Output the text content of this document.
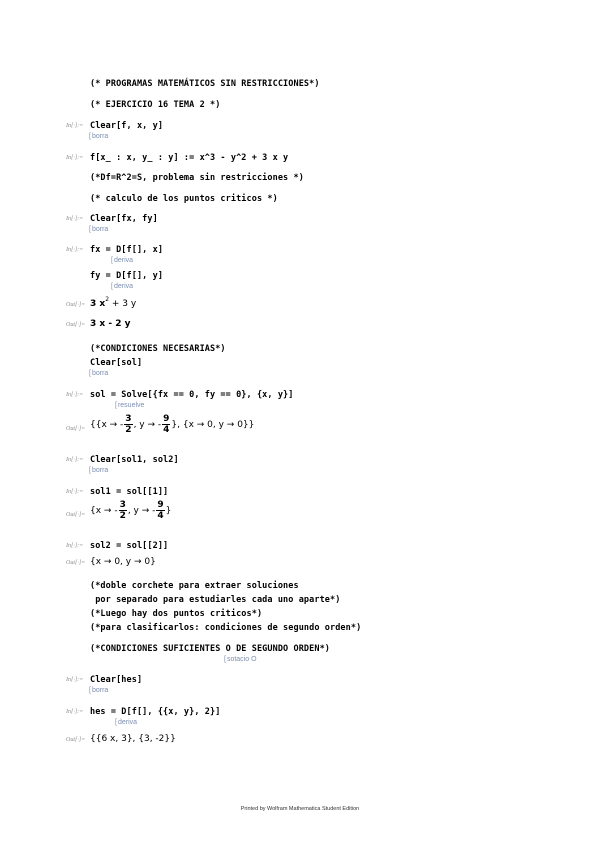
(* PROGRAMAS MATEMÁTICOS SIN RESTRICCIONES*)
(* EJERCICIO 16 TEMA 2 *)
In[∙]:= Clear[f, x, y]
[ borra
In[∙]:= f[x_ : x, y_ : y] := x^3 - y^2 + 3 x y
(*Df=R^2=S, problema sin restricciones *)
(* calculo de los puntos criticos *)
In[∙]:= Clear[fx, fy]
[ borra
In[∙]:= fx = D[f[], x]
[ deriva
fy = D[f[], y]
[ deriva
Out[∙]= 3 x 2
+ 3 y
Out[∙]= 3 x - 2 y
(*CONDICIONES NECESARIAS*)
Clear[sol]
[ borra
In[∙]:= sol = Solve[{fx == 0, fy == 0}, {x, y}]
[ resuelve
Out[∙]= {{x → - $\frac{3}{2}$ , y → - $\frac{9}{4}$ }, {x → 0, y → 0}}
In[∙]:= Clear[sol1, sol2]
[ borra
In[∙]:= sol1 = sol[[1]]
Out[∙]= {x → - $\frac{3}{2}$ , y → - $\frac{9}{4}$ }
In[∙]:= sol2 = sol[[2]]
Out[∙]= {x → 0, y → 0}
(*doble corchete para extraer soluciones
por separado para estudiarles cada uno aparte*)
(*Luego hay dos puntos criticos*)
(*para clasificarlos: condiciones de segundo orden*)
(*CONDICIONES SUFICIENTES O DE SEGUNDO ORDEN*)
[ sotacio O
In[∙]:= Clear[hes]
[ borra
In[∙]:= hes = D[f[], {{x, y}, 2}]
[ deriva
Out[∙]= {{6 x, 3}, {3, -2}}
Printed by Wolfram Mathematica Student Edition
